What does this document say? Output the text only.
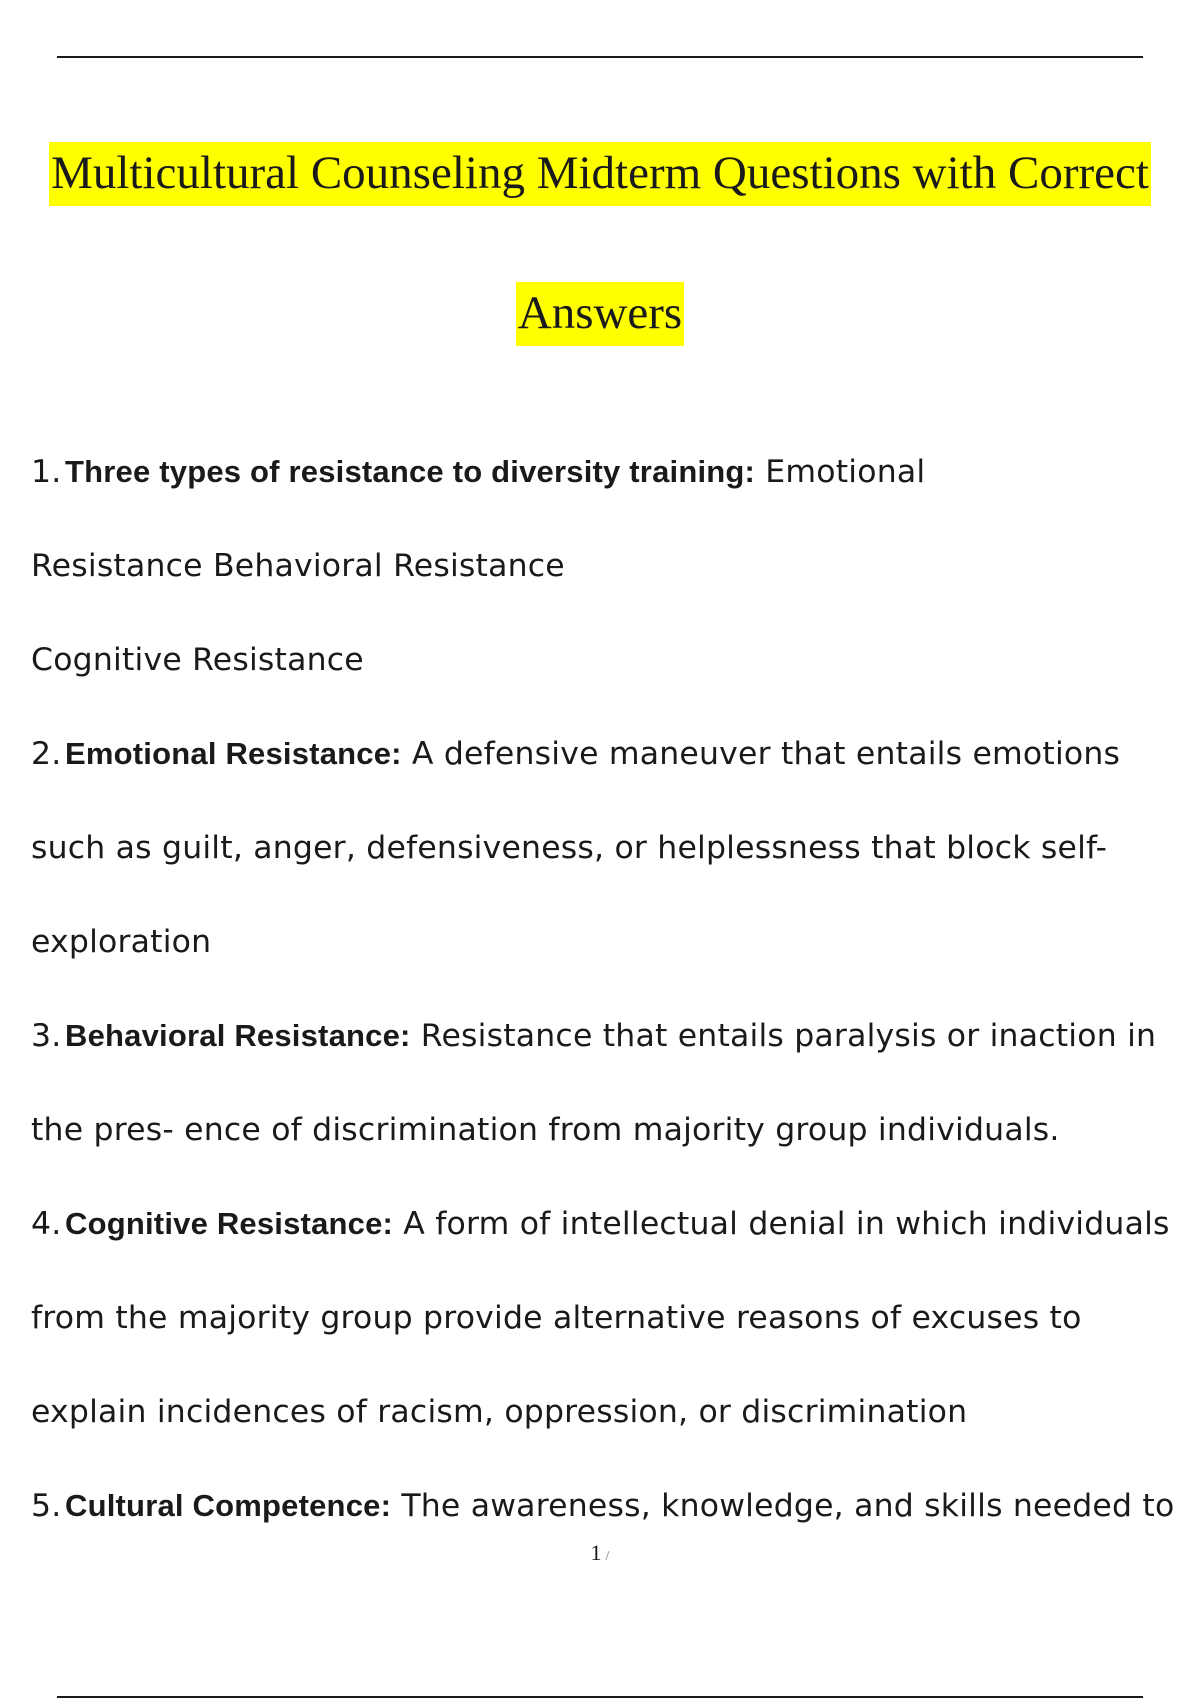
Multicultural Counseling Midterm Questions with Correct
Answers

1. Three types of resistance to diversity training: Emotional

Resistance Behavioral Resistance

Cognitive Resistance

2. Emotional Resistance: A defensive maneuver that entails emotions

such as guilt, anger, defensiveness, or helplessness that block self-

exploration

3. Behavioral Resistance: Resistance that entails paralysis or inaction in

the pres- ence of discrimination from majority group individuals.

4. Cognitive Resistance: A form of intellectual denial in which individuals

from the majority group provide alternative reasons of excuses to

explain incidences of racism, oppression, or discrimination

5. Cultural Competence: The awareness, knowledge, and skills needed to

1 /
